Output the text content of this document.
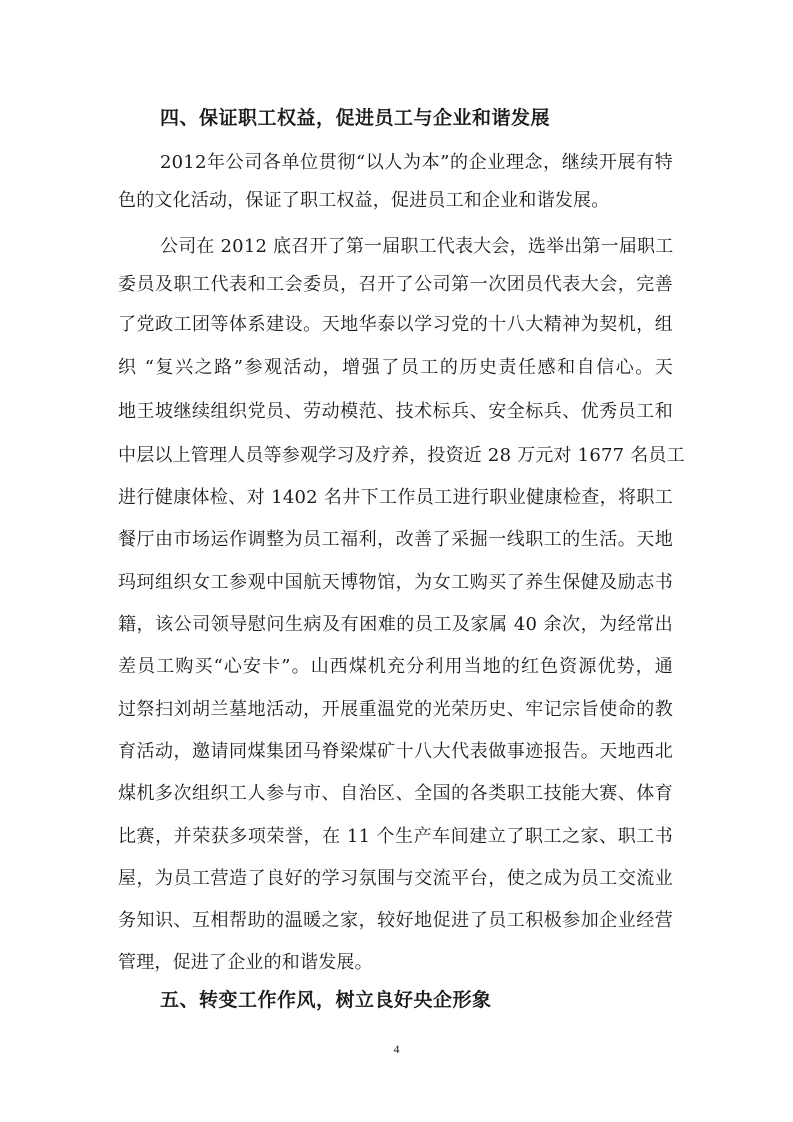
四、保证职工权益，促进员工与企业和谐发展
2012年公司各单位贯彻“以人为本”的企业理念，继续开展有特
色的文化活动，保证了职工权益，促进员工和企业和谐发展。
公司在 2012 底召开了第一届职工代表大会，选举出第一届职工
委员及职工代表和工会委员，召开了公司第一次团员代表大会，完善
了党政工团等体系建设。天地华泰以学习党的十八大精神为契机，组
织 “复兴之路”参观活动，增强了员工的历史责任感和自信心。天
地王坡继续组织党员、劳动模范、技术标兵、安全标兵、优秀员工和
中层以上管理人员等参观学习及疗养，投资近 28 万元对 1677 名员工
进行健康体检、对 1402 名井下工作员工进行职业健康检查，将职工
餐厅由市场运作调整为员工福利，改善了采掘一线职工的生活。天地
玛珂组织女工参观中国航天博物馆，为女工购买了养生保健及励志书
籍，该公司领导慰问生病及有困难的员工及家属 40 余次，为经常出
差员工购买“心安卡”。山西煤机充分利用当地的红色资源优势，通
过祭扫刘胡兰墓地活动，开展重温党的光荣历史、牢记宗旨使命的教
育活动，邀请同煤集团马脊梁煤矿十八大代表做事迹报告。天地西北
煤机多次组织工人参与市、自治区、全国的各类职工技能大赛、体育
比赛，并荣获多项荣誉，在 11 个生产车间建立了职工之家、职工书
屋，为员工营造了良好的学习氛围与交流平台，使之成为员工交流业
务知识、互相帮助的温暖之家，较好地促进了员工积极参加企业经营
管理，促进了企业的和谐发展。
五、转变工作作风，树立良好央企形象
4
